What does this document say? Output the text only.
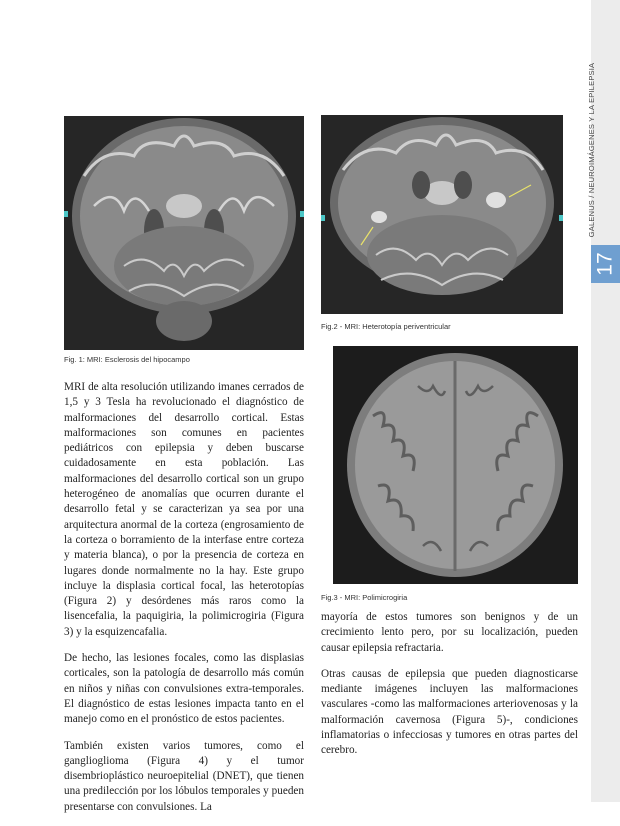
17
GALENUS / NEUROIMÁGENES Y LA EPILEPSIA
Fig. 1: MRI: Esclerosis del hipocampo
Fig.2 - MRI: Heterotopía periventricular
Fig.3 - MRI: Polimicrogiria

MRI de alta resolución utilizando imanes cerrados de 1,5 y 3 Tesla ha revolucionado el diagnóstico de malformaciones del desarrollo cortical. Estas malformaciones son comunes en pacientes pediátricos con epilepsia y deben buscarse cuidadosamente en esta población. Las malformaciones del desarrollo cortical son un grupo heterogéneo de anomalías que ocurren durante el desarrollo fetal y se caracterizan ya sea por una arquitectura anormal de la corteza (engrosamiento de la corteza o borramiento de la interfase entre corteza y materia blanca), o por la presencia de corteza en lugares donde normalmente no la hay. Este grupo incluye la displasia cortical focal, las heterotopías (Figura 2) y desórdenes más raros como la lisencefalia, la paquigiria, la polimicrogiria (Figura 3) y la esquizencafalia.

De hecho, las lesiones focales, como las displasias corticales, son la patología de desarrollo más común en niños y niñas con convulsiones extra-temporales. El diagnóstico de estas lesiones impacta tanto en el manejo como en el pronóstico de estos pacientes.

También existen varios tumores, como el ganglioglioma (Figura 4) y el tumor disembrioplástico neuroepitelial (DNET), que tienen una predilección por los lóbulos temporales y pueden presentarse con convulsiones. La

mayoría de estos tumores son benignos y de un crecimiento lento pero, por su localización, pueden causar epilepsia refractaria.

Otras causas de epilepsia que pueden diagnosticarse mediante imágenes incluyen las malformaciones vasculares -como las malformaciones arteriovenosas y la malformación cavernosa (Figura 5)-, condiciones inflamatorias o infecciosas y tumores en otras partes del cerebro.
